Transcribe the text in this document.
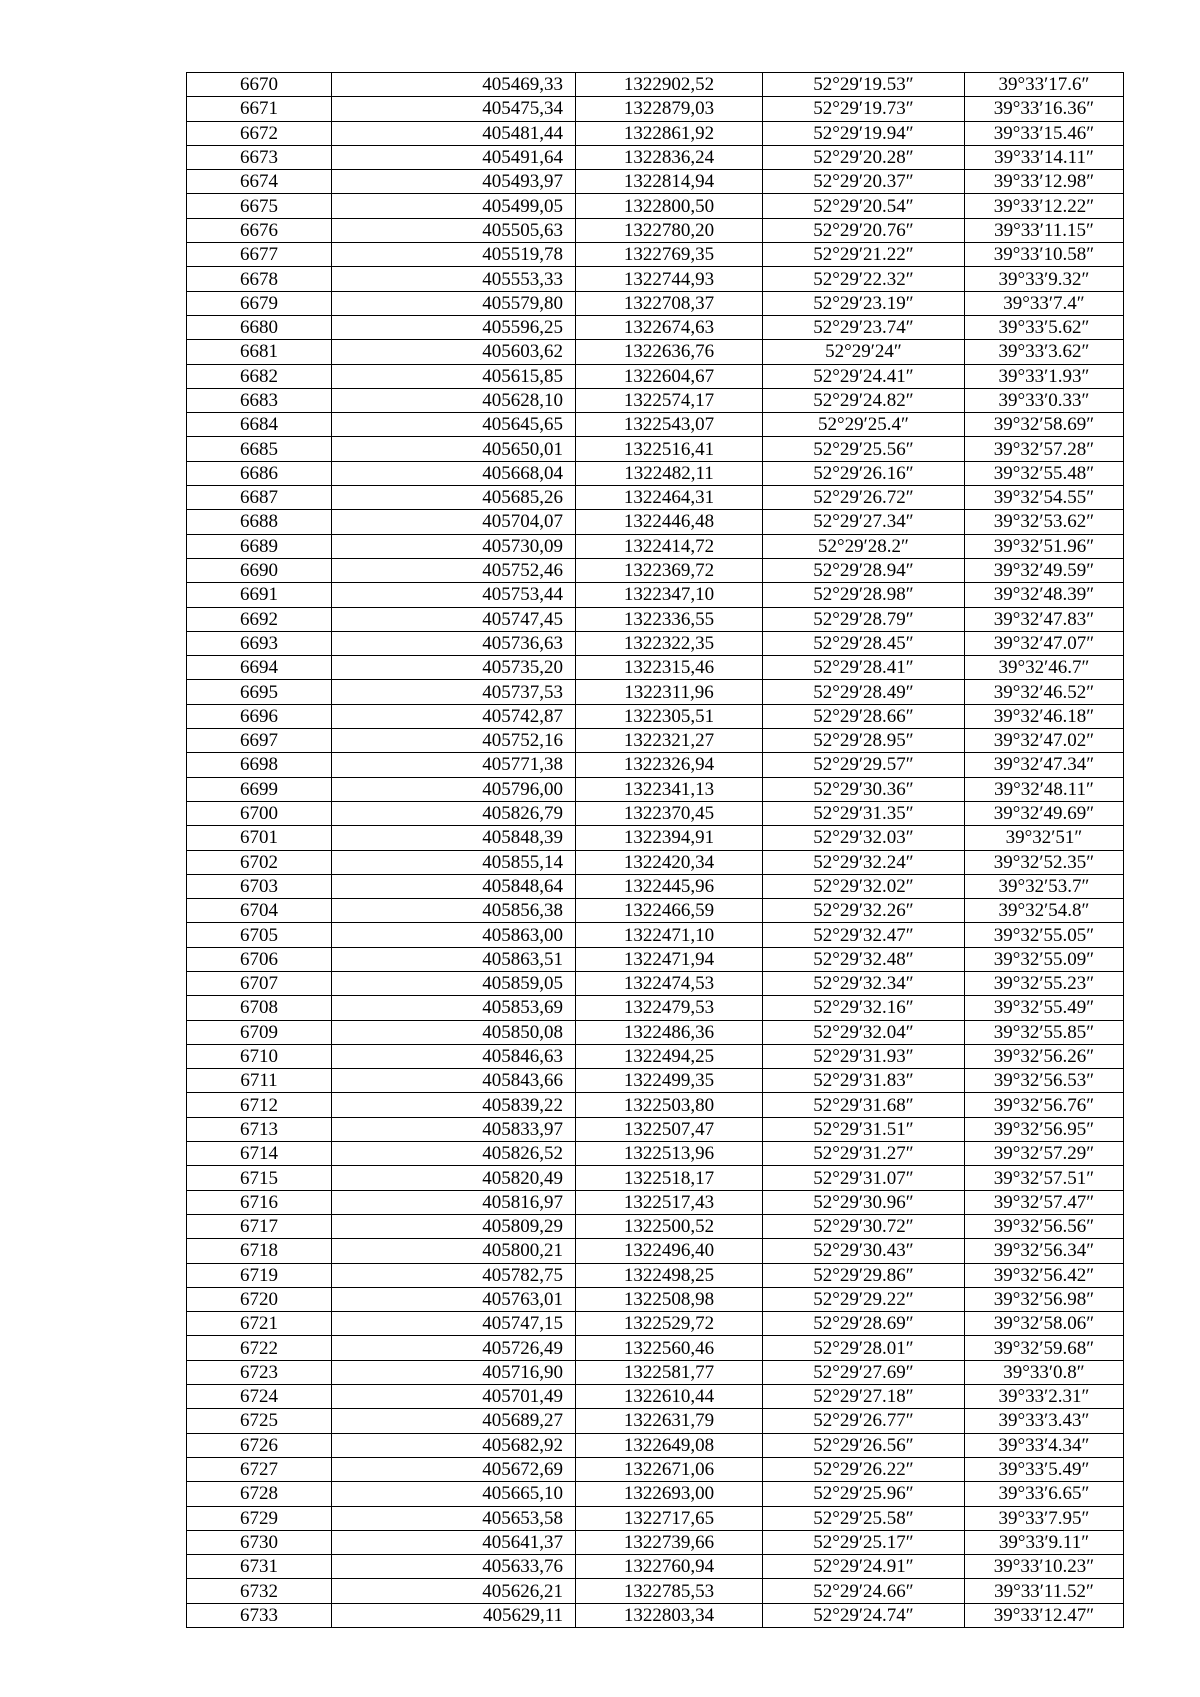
6670	405469,33	1322902,52	52°29′19.53″	39°33′17.6″
6671	405475,34	1322879,03	52°29′19.73″	39°33′16.36″
6672	405481,44	1322861,92	52°29′19.94″	39°33′15.46″
6673	405491,64	1322836,24	52°29′20.28″	39°33′14.11″
6674	405493,97	1322814,94	52°29′20.37″	39°33′12.98″
6675	405499,05	1322800,50	52°29′20.54″	39°33′12.22″
6676	405505,63	1322780,20	52°29′20.76″	39°33′11.15″
6677	405519,78	1322769,35	52°29′21.22″	39°33′10.58″
6678	405553,33	1322744,93	52°29′22.32″	39°33′9.32″
6679	405579,80	1322708,37	52°29′23.19″	39°33′7.4″
6680	405596,25	1322674,63	52°29′23.74″	39°33′5.62″
6681	405603,62	1322636,76	52°29′24″	39°33′3.62″
6682	405615,85	1322604,67	52°29′24.41″	39°33′1.93″
6683	405628,10	1322574,17	52°29′24.82″	39°33′0.33″
6684	405645,65	1322543,07	52°29′25.4″	39°32′58.69″
6685	405650,01	1322516,41	52°29′25.56″	39°32′57.28″
6686	405668,04	1322482,11	52°29′26.16″	39°32′55.48″
6687	405685,26	1322464,31	52°29′26.72″	39°32′54.55″
6688	405704,07	1322446,48	52°29′27.34″	39°32′53.62″
6689	405730,09	1322414,72	52°29′28.2″	39°32′51.96″
6690	405752,46	1322369,72	52°29′28.94″	39°32′49.59″
6691	405753,44	1322347,10	52°29′28.98″	39°32′48.39″
6692	405747,45	1322336,55	52°29′28.79″	39°32′47.83″
6693	405736,63	1322322,35	52°29′28.45″	39°32′47.07″
6694	405735,20	1322315,46	52°29′28.41″	39°32′46.7″
6695	405737,53	1322311,96	52°29′28.49″	39°32′46.52″
6696	405742,87	1322305,51	52°29′28.66″	39°32′46.18″
6697	405752,16	1322321,27	52°29′28.95″	39°32′47.02″
6698	405771,38	1322326,94	52°29′29.57″	39°32′47.34″
6699	405796,00	1322341,13	52°29′30.36″	39°32′48.11″
6700	405826,79	1322370,45	52°29′31.35″	39°32′49.69″
6701	405848,39	1322394,91	52°29′32.03″	39°32′51″
6702	405855,14	1322420,34	52°29′32.24″	39°32′52.35″
6703	405848,64	1322445,96	52°29′32.02″	39°32′53.7″
6704	405856,38	1322466,59	52°29′32.26″	39°32′54.8″
6705	405863,00	1322471,10	52°29′32.47″	39°32′55.05″
6706	405863,51	1322471,94	52°29′32.48″	39°32′55.09″
6707	405859,05	1322474,53	52°29′32.34″	39°32′55.23″
6708	405853,69	1322479,53	52°29′32.16″	39°32′55.49″
6709	405850,08	1322486,36	52°29′32.04″	39°32′55.85″
6710	405846,63	1322494,25	52°29′31.93″	39°32′56.26″
6711	405843,66	1322499,35	52°29′31.83″	39°32′56.53″
6712	405839,22	1322503,80	52°29′31.68″	39°32′56.76″
6713	405833,97	1322507,47	52°29′31.51″	39°32′56.95″
6714	405826,52	1322513,96	52°29′31.27″	39°32′57.29″
6715	405820,49	1322518,17	52°29′31.07″	39°32′57.51″
6716	405816,97	1322517,43	52°29′30.96″	39°32′57.47″
6717	405809,29	1322500,52	52°29′30.72″	39°32′56.56″
6718	405800,21	1322496,40	52°29′30.43″	39°32′56.34″
6719	405782,75	1322498,25	52°29′29.86″	39°32′56.42″
6720	405763,01	1322508,98	52°29′29.22″	39°32′56.98″
6721	405747,15	1322529,72	52°29′28.69″	39°32′58.06″
6722	405726,49	1322560,46	52°29′28.01″	39°32′59.68″
6723	405716,90	1322581,77	52°29′27.69″	39°33′0.8″
6724	405701,49	1322610,44	52°29′27.18″	39°33′2.31″
6725	405689,27	1322631,79	52°29′26.77″	39°33′3.43″
6726	405682,92	1322649,08	52°29′26.56″	39°33′4.34″
6727	405672,69	1322671,06	52°29′26.22″	39°33′5.49″
6728	405665,10	1322693,00	52°29′25.96″	39°33′6.65″
6729	405653,58	1322717,65	52°29′25.58″	39°33′7.95″
6730	405641,37	1322739,66	52°29′25.17″	39°33′9.11″
6731	405633,76	1322760,94	52°29′24.91″	39°33′10.23″
6732	405626,21	1322785,53	52°29′24.66″	39°33′11.52″
6733	405629,11	1322803,34	52°29′24.74″	39°33′12.47″
